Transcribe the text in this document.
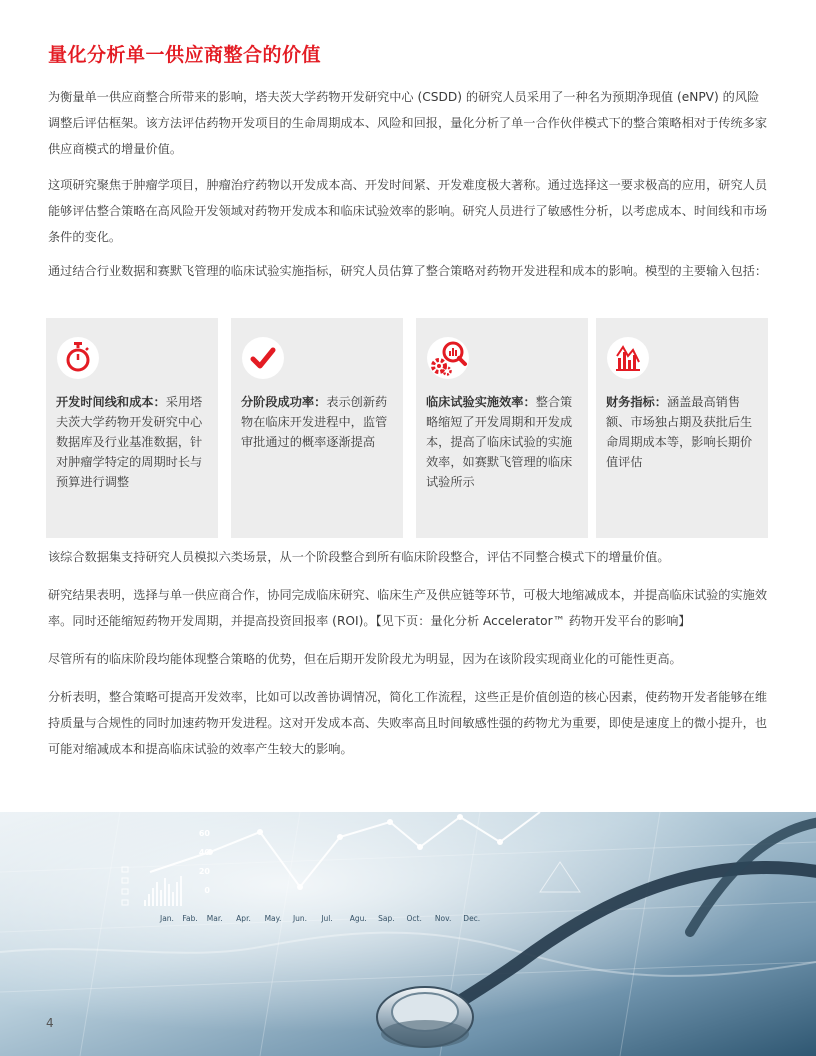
量化分析单一供应商整合的价值

为衡量单一供应商整合所带来的影响，塔夫茨大学药物开发研究中心 (CSDD) 的研究人员采用了一种名为预期净现值 (eNPV) 的风险调整后评估框架。该方法评估药物开发项目的生命周期成本、风险和回报，量化分析了单一合作伙伴模式下的整合策略相对于传统多家供应商模式的增量价值。

这项研究聚焦于肿瘤学项目，肿瘤治疗药物以开发成本高、开发时间紧、开发难度极大著称。通过选择这一要求极高的应用，研究人员能够评估整合策略在高风险开发领域对药物开发成本和临床试验效率的影响。研究人员进行了敏感性分析，以考虑成本、时间线和市场条件的变化。

通过结合行业数据和赛默飞管理的临床试验实施指标，研究人员估算了整合策略对药物开发进程和成本的影响。模型的主要输入包括：

开发时间线和成本：采用塔夫茨大学药物开发研究中心数据库及行业基准数据，针对肿瘤学特定的周期时长与预算进行调整
分阶段成功率：表示创新药物在临床开发进程中，监管审批通过的概率逐渐提高
临床试验实施效率：整合策略缩短了开发周期和开发成本，提高了临床试验的实施效率，如赛默飞管理的临床试验所示
财务指标：涵盖最高销售额、市场独占期及获批后生命周期成本等，影响长期价值评估

该综合数据集支持研究人员模拟六类场景，从一个阶段整合到所有临床阶段整合，评估不同整合模式下的增量价值。

研究结果表明，选择与单一供应商合作，协同完成临床研究、临床生产及供应链等环节，可极大地缩减成本，并提高临床试验的实施效率。同时还能缩短药物开发周期，并提高投资回报率 (ROI)。【见下页：量化分析 Accelerator™ 药物开发平台的影响】

尽管所有的临床阶段均能体现整合策略的优势，但在后期开发阶段尤为明显，因为在该阶段实现商业化的可能性更高。

分析表明，整合策略可提高开发效率，比如可以改善协调情况，简化工作流程，这些正是价值创造的核心因素，使药物开发者能够在维持质量与合规性的同时加速药物开发进程。这对开发成本高、失败率高且时间敏感性强的药物尤为重要，即使是速度上的微小提升，也可能对缩减成本和提高临床试验的效率产生较大的影响。

60
40
20
0
Jan. Fab. Mar. Apr. May. Jun. Jul. Agu. Sap. Oct. Nov. Dec.
4
